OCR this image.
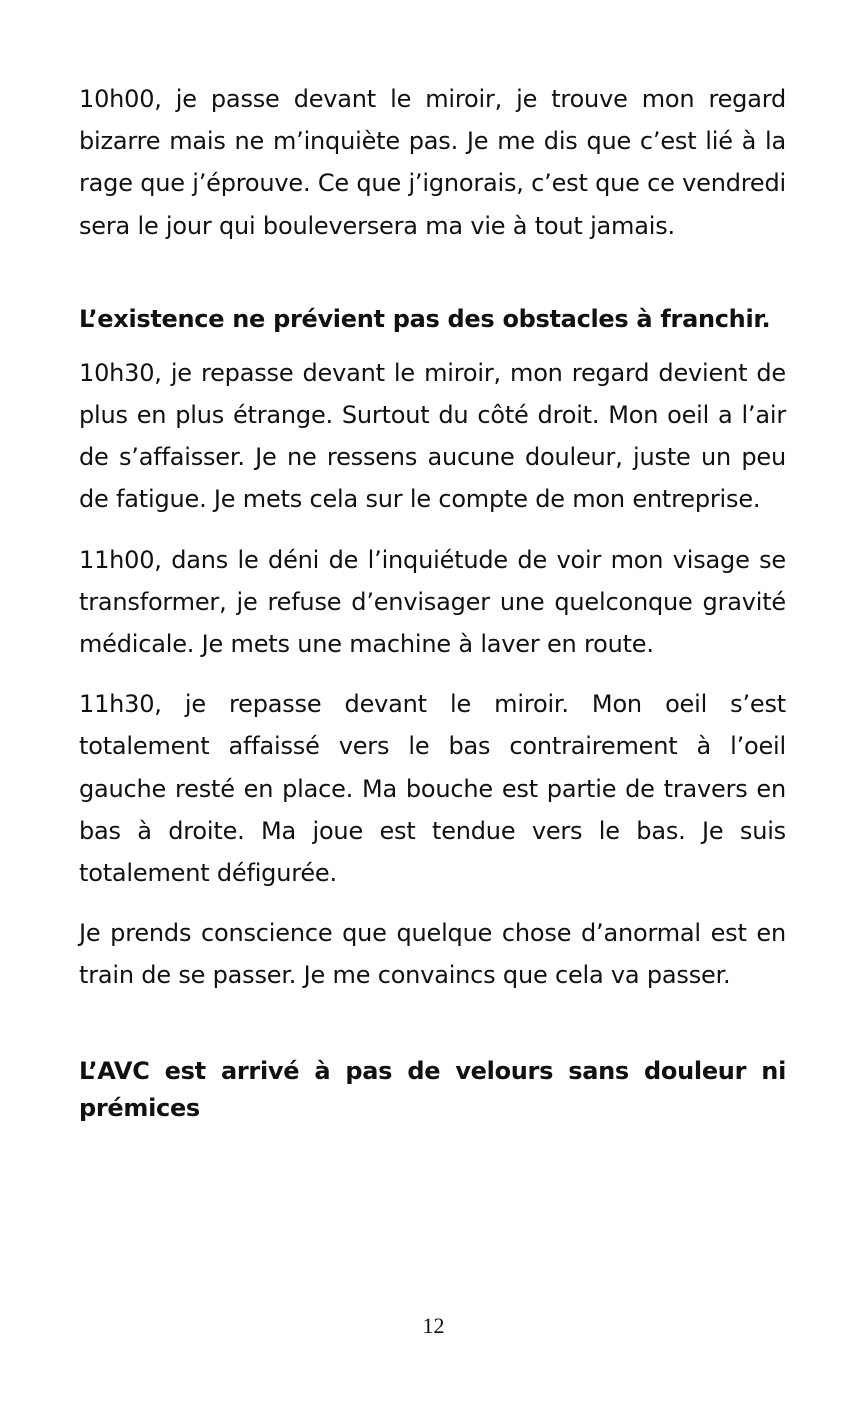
10h00, je passe devant le miroir, je trouve mon regard bizarre mais ne m’inquiète pas. Je me dis que c’est lié à la rage que j’éprouve. Ce que j’ignorais, c’est que ce vendredi sera le jour qui bouleversera ma vie à tout jamais.

L’existence ne prévient pas des obstacles à franchir.

10h30, je repasse devant le miroir, mon regard devient de plus en plus étrange. Surtout du côté droit. Mon oeil a l’air de s’affaisser. Je ne ressens aucune douleur, juste un peu de fatigue. Je mets cela sur le compte de mon entreprise.

11h00, dans le déni de l’inquiétude de voir mon visage se transformer, je refuse d’envisager une quelconque gravité médicale. Je mets une machine à laver en route.

11h30, je repasse devant le miroir. Mon oeil s’est totalement affaissé vers le bas contrairement à l’oeil gauche resté en place. Ma bouche est partie de travers en bas à droite. Ma joue est tendue vers le bas. Je suis totalement défigurée.

Je prends conscience que quelque chose d’anormal est en train de se passer. Je me convaincs que cela va passer.

L’AVC est arrivé à pas de velours sans douleur ni prémices

12
